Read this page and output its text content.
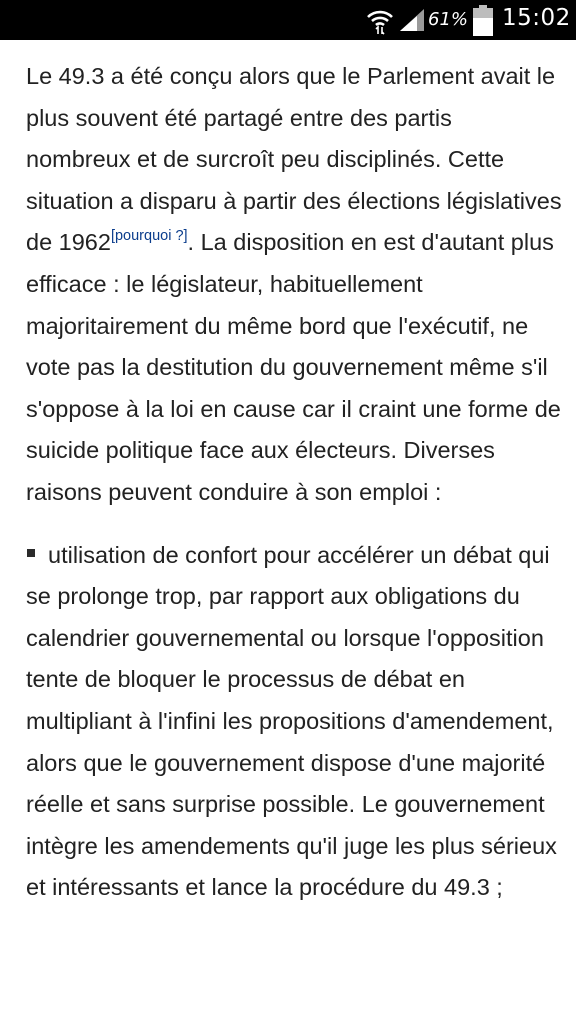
61% 15:02

Le 49.3 a été conçu alors que le Parlement avait le plus souvent été partagé entre des partis nombreux et de surcroît peu disciplinés. Cette situation a disparu à partir des élections législatives de 1962[pourquoi ?]. La disposition en est d'autant plus efficace : le législateur, habituellement majoritairement du même bord que l'exécutif, ne vote pas la destitution du gouvernement même s'il s'oppose à la loi en cause car il craint une forme de suicide politique face aux électeurs. Diverses raisons peuvent conduire à son emploi :

utilisation de confort pour accélérer un débat qui se prolonge trop, par rapport aux obligations du calendrier gouvernemental ou lorsque l'opposition tente de bloquer le processus de débat en multipliant à l'infini les propositions d'amendement, alors que le gouvernement dispose d'une majorité réelle et sans surprise possible. Le gouvernement intègre les amendements qu'il juge les plus sérieux et intéressants et lance la procédure du 49.3 ;
